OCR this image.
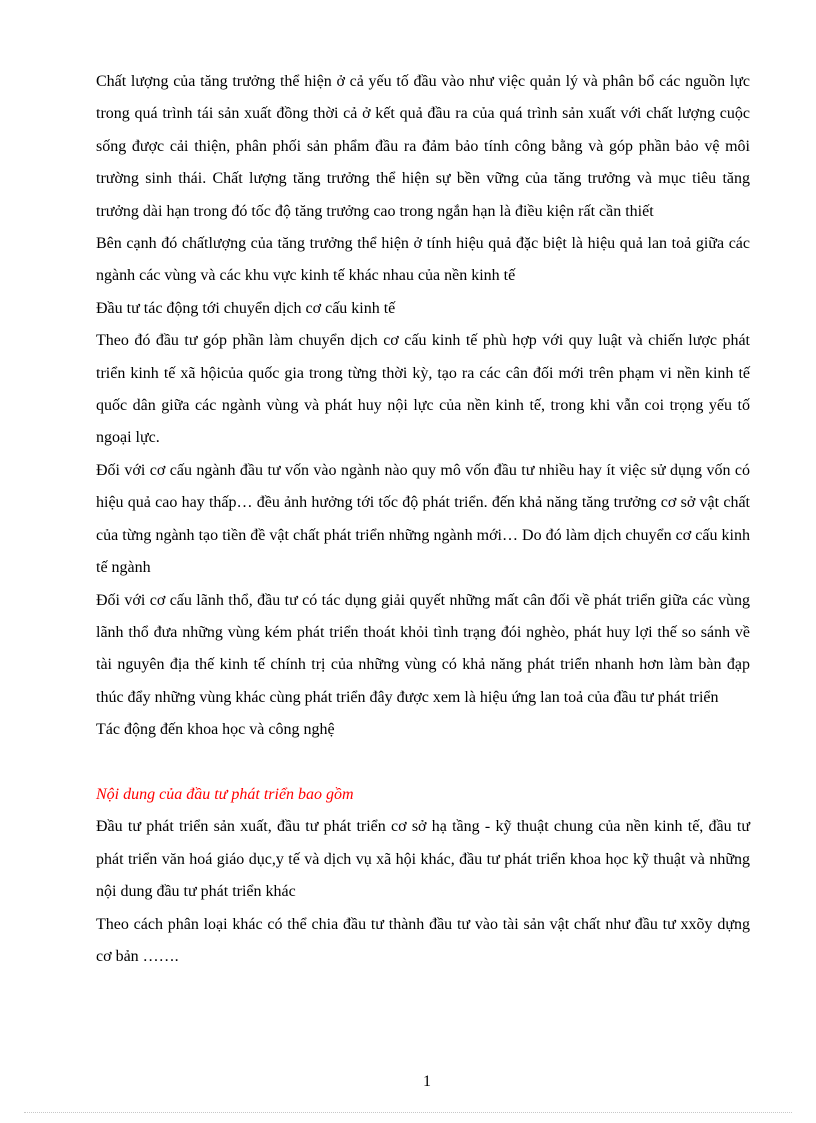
Chất lượng của tăng trưởng thể hiện ở cả yếu tố đầu vào như việc quản lý và phân bổ các nguồn lực trong quá trình tái sản xuất đồng thời cả ở kết quả đầu ra của quá trình sản xuất với chất lượng cuộc sống được cải thiện, phân phối sản phẩm đầu ra đảm bảo tính công bằng và góp phần bảo vệ môi trường sinh thái. Chất lượng tăng trưởng thể hiện sự bền vững của tăng trưởng và mục tiêu tăng trưởng dài hạn trong đó tốc độ tăng trưởng cao trong ngắn hạn là điều kiện rất cần thiết

Bên cạnh đó chấtlượng của tăng trưởng thể hiện ở tính hiệu quả đặc biệt là hiệu quả lan toả giữa các ngành các vùng và các khu vực kinh tế khác nhau của nền kinh tế

Đầu tư tác động tới chuyển dịch cơ cấu kinh tế

Theo đó đầu tư góp phần làm chuyển dịch cơ cấu kinh tế phù hợp với quy luật và chiến lược phát triển kinh tế xã hộicủa quốc gia trong từng thời kỳ, tạo ra các cân đối mới trên phạm vi nền kinh tế quốc dân giữa các ngành vùng và phát huy nội lực của nền kinh tế, trong khi vẫn coi trọng yếu tố ngoại lực.

Đối với cơ cấu ngành đầu tư vốn vào ngành nào quy mô vốn đầu tư nhiều hay ít việc sử dụng vốn có hiệu quả cao hay thấp… đều ảnh hưởng tới tốc độ phát triển. đến khả năng tăng trưởng cơ sở vật chất của từng ngành tạo tiền đề vật chất phát triển những ngành mới… Do đó làm dịch chuyển cơ cấu kinh tế ngành

Đối với cơ cấu lãnh thổ, đầu tư có tác dụng giải quyết những mất cân đối về phát triển giữa các vùng lãnh thổ đưa những vùng kém phát triển thoát khỏi tình trạng đói nghèo, phát huy lợi thế so sánh về tài nguyên địa thế kinh tế chính trị của những vùng có khả năng phát triển nhanh hơn làm bàn đạp thúc đẩy những vùng khác cùng phát triển đây được xem là hiệu ứng lan toả của đầu tư phát triển

Tác động đến khoa học và công nghệ

Nội dung của đầu tư phát triển bao gồm

Đầu tư phát triển sản xuất, đầu tư phát triển cơ sở hạ tầng - kỹ thuật chung của nền kinh tế, đầu tư phát triển văn hoá giáo dục,y tế và dịch vụ xã hội khác, đầu tư phát triển khoa học kỹ thuật và những nội dung đầu tư phát triển khác

Theo cách phân loại khác có thể chia đầu tư thành đầu tư vào tài sản vật chất như đầu tư xxõy dựng cơ bản …….

1
